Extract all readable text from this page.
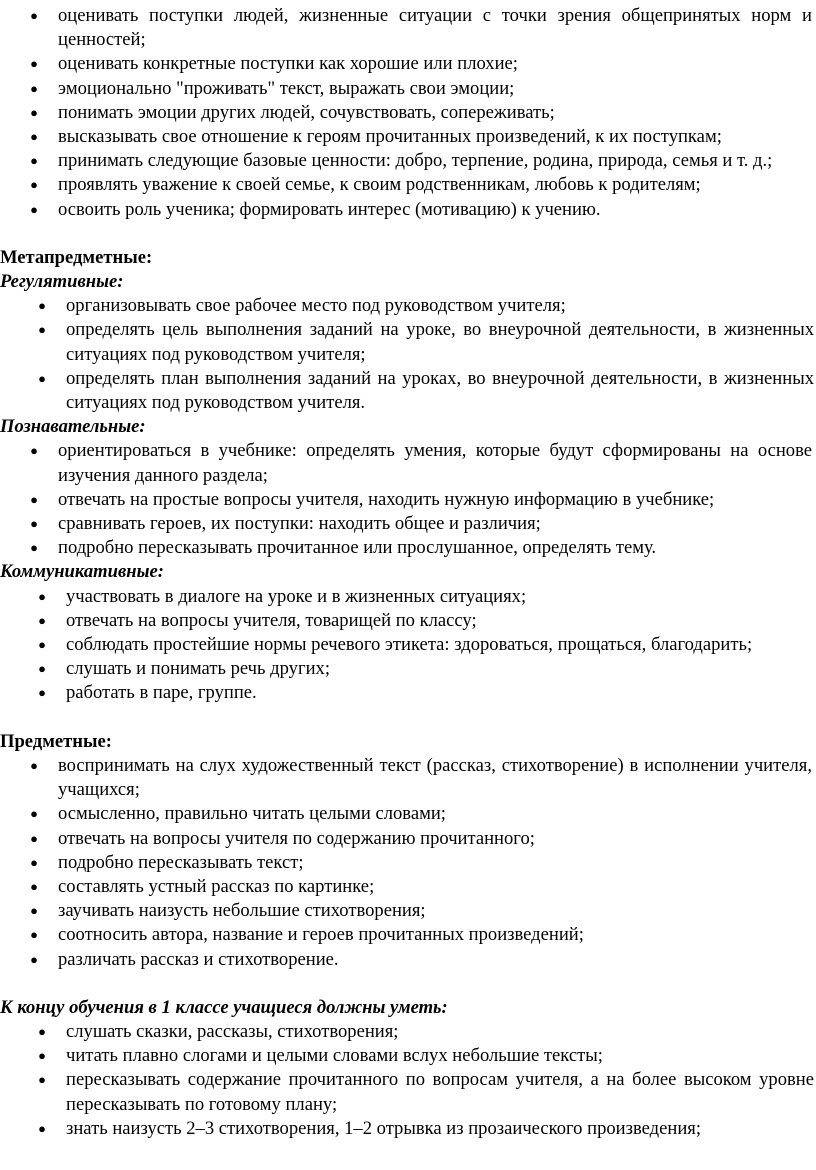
● оценивать поступки людей, жизненные ситуации с точки зрения общепринятых норм и ценностей;
● оценивать конкретные поступки как хорошие или плохие;
● эмоционально "проживать" текст, выражать свои эмоции;
● понимать эмоции других людей, сочувствовать, сопереживать;
● высказывать свое отношение к героям прочитанных произведений, к их поступкам;
● принимать следующие базовые ценности: добро, терпение, родина, природа, семья и т. д.;
● проявлять уважение к своей семье, к своим родственникам, любовь к родителям;
● освоить роль ученика; формировать интерес (мотивацию) к учению.

Метапредметные:

Регулятивные:

● организовывать свое рабочее место под руководством учителя;
● определять цель выполнения заданий на уроке, во внеурочной деятельности, в жизненных ситуациях под руководством учителя;
● определять план выполнения заданий на уроках, во внеурочной деятельности, в жизненных ситуациях под руководством учителя.

Познавательные:

● ориентироваться в учебнике: определять умения, которые будут сформированы на основе изучения данного раздела;
● отвечать на простые вопросы учителя, находить нужную информацию в учебнике;
● сравнивать героев, их поступки: находить общее и различия;
● подробно пересказывать прочитанное или прослушанное, определять тему.

Коммуникативные:

● участвовать в диалоге на уроке и в жизненных ситуациях;
● отвечать на вопросы учителя, товарищей по классу;
● соблюдать простейшие нормы речевого этикета: здороваться, прощаться, благодарить;
● слушать и понимать речь других;
● работать в паре, группе.

Предметные:

● воспринимать на слух художественный текст (рассказ, стихотворение) в исполнении учителя, учащихся;
● осмысленно, правильно читать целыми словами;
● отвечать на вопросы учителя по содержанию прочитанного;
● подробно пересказывать текст;
● составлять устный рассказ по картинке;
● заучивать наизусть небольшие стихотворения;
● соотносить автора, название и героев прочитанных произведений;
● различать рассказ и стихотворение.

К концу обучения в 1 классе учащиеся должны уметь:

● слушать сказки, рассказы, стихотворения;
● читать плавно слогами и целыми словами вслух небольшие тексты;
● пересказывать содержание прочитанного по вопросам учителя, а на более высоком уровне пересказывать по готовому плану;
● знать наизусть 2–3 стихотворения, 1–2 отрывка из прозаического произведения;
